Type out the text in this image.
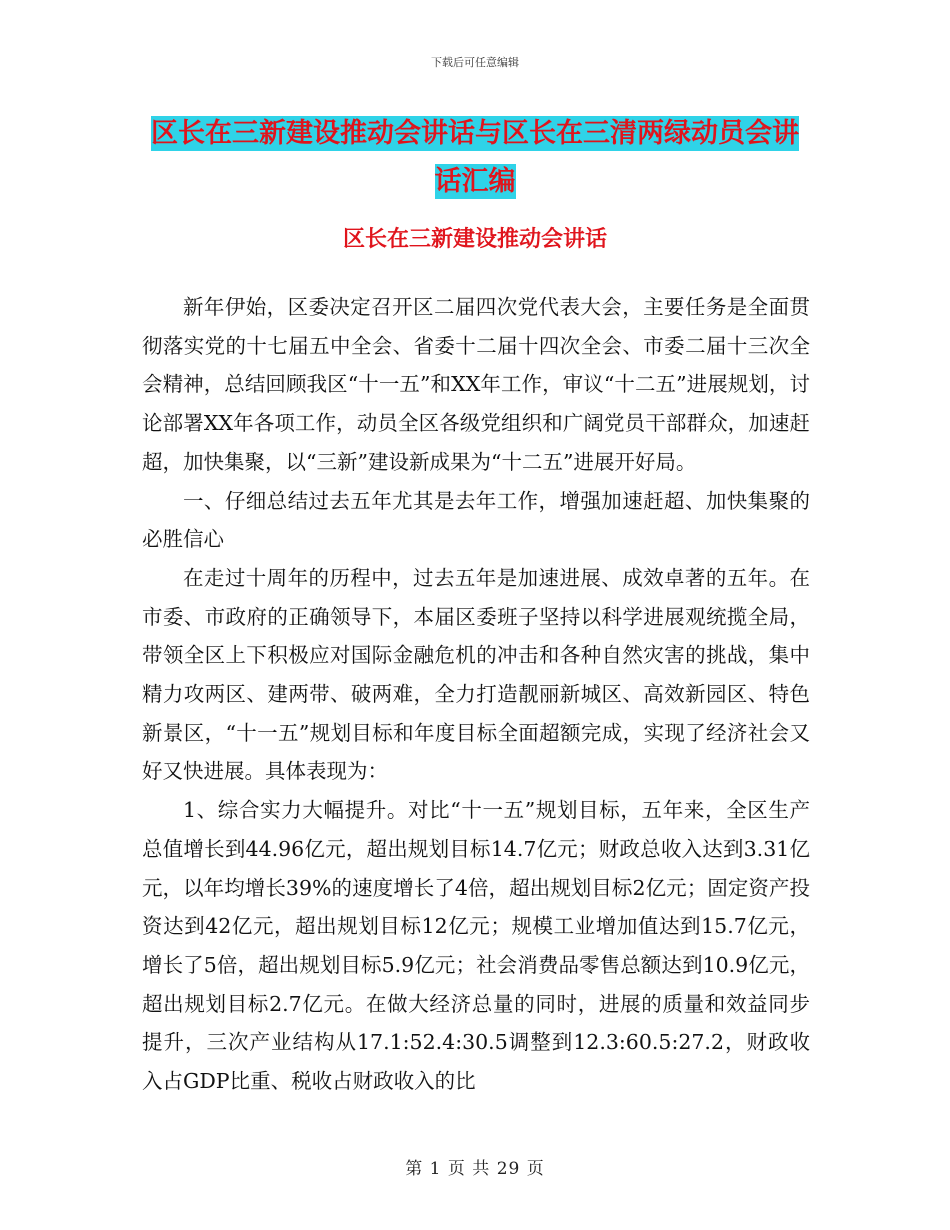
下载后可任意编辑
区长在三新建设推动会讲话与区长在三清两绿动员会讲话汇编
区长在三新建设推动会讲话

新年伊始，区委决定召开区二届四次党代表大会，主要任务是全面贯彻落实党的十七届五中全会、省委十二届十四次全会、市委二届十三次全会精神，总结回顾我区“十一五”和XX年工作，审议“十二五”进展规划，讨论部署XX年各项工作，动员全区各级党组织和广阔党员干部群众，加速赶超，加快集聚，以“三新”建设新成果为“十二五”进展开好局。

一、仔细总结过去五年尤其是去年工作，增强加速赶超、加快集聚的必胜信心

在走过十周年的历程中，过去五年是加速进展、成效卓著的五年。在市委、市政府的正确领导下，本届区委班子坚持以科学进展观统揽全局，带领全区上下积极应对国际金融危机的冲击和各种自然灾害的挑战，集中精力攻两区、建两带、破两难，全力打造靓丽新城区、高效新园区、特色新景区，“十一五”规划目标和年度目标全面超额完成，实现了经济社会又好又快进展。具体表现为：

1、综合实力大幅提升。对比“十一五”规划目标，五年来，全区生产总值增长到44.96亿元，超出规划目标14.7亿元；财政总收入达到3.31亿元，以年均增长39%的速度增长了4倍，超出规划目标2亿元；固定资产投资达到42亿元，超出规划目标12亿元；规模工业增加值达到15.7亿元，增长了5倍，超出规划目标5.9亿元；社会消费品零售总额达到10.9亿元，超出规划目标2.7亿元。在做大经济总量的同时，进展的质量和效益同步提升，三次产业结构从17.1:52.4:30.5调整到12.3:60.5:27.2，财政收入占GDP比重、税收占财政收入的比

第 1 页 共 29 页
